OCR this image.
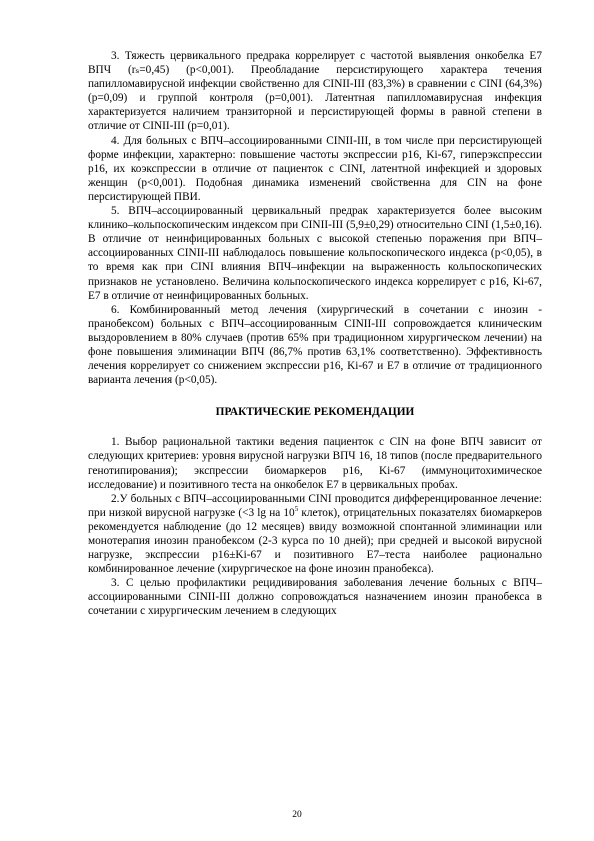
3. Тяжесть цервикального предрака коррелирует с частотой выявления онкобелка Е7 ВПЧ (rₛ=0,45) (p<0,001). Преобладание персистирующего характера течения папилломавирусной инфекции свойственно для CINII-III (83,3%) в сравнении с CINI (64,3%) (p=0,09) и группой контроля (p=0,001). Латентная папилломавирусная инфекция характеризуется наличием транзиторной и персистирующей формы в равной степени в отличие от CINII-III (p=0,01).

4. Для больных с ВПЧ–ассоциированными CINII-III, в том числе при персистирующей форме инфекции, характерно: повышение частоты экспрессии p16, Ki-67, гиперэкспрессии p16, их коэкспрессии в отличие от пациенток с CINI, латентной инфекцией и здоровых женщин (p<0,001). Подобная динамика изменений свойственна для CIN на фоне персистирующей ПВИ.

5. ВПЧ–ассоциированный цервикальный предрак характеризуется более высоким клинико–кольпоскопическим индексом при CINII-III (5,9±0,29) относительно CINI (1,5±0,16). В отличие от неинфицированных больных с высокой степенью поражения при ВПЧ–ассоциированных CINII-III наблюдалось повышение кольпоскопического индекса (p<0,05), в то время как при CINI влияния ВПЧ–инфекции на выраженность кольпоскопических признаков не установлено. Величина кольпоскопического индекса коррелирует с p16, Ki-67, E7 в отличие от неинфицированных больных.

6. Комбинированный метод лечения (хирургический в сочетании с инозин - пранобексом) больных с ВПЧ–ассоциированным CINII-III сопровождается клиническим выздоровлением в 80% случаев (против 65% при традиционном хирургическом лечении) на фоне повышения элиминации ВПЧ (86,7% против 63,1% соответственно). Эффективность лечения коррелирует со снижением экспрессии p16, Ki-67 и E7 в отличие от традиционного варианта лечения (p<0,05).

ПРАКТИЧЕСКИЕ РЕКОМЕНДАЦИИ

1. Выбор рациональной тактики ведения пациенток с CIN на фоне ВПЧ зависит от следующих критериев: уровня вирусной нагрузки ВПЧ 16, 18 типов (после предварительного генотипирования); экспрессии биомаркеров p16, Ki-67 (иммуноцитохимическое исследование) и позитивного теста на онкобелок E7 в цервикальных пробах.

2.У больных с ВПЧ–ассоциированными CINI проводится дифференцированное лечение: при низкой вирусной нагрузке (<3 lg на $10^5$ клеток), отрицательных показателях биомаркеров рекомендуется наблюдение (до 12 месяцев) ввиду возможной спонтанной элиминации или монотерапия инозин пранобексом (2-3 курса по 10 дней); при средней и высокой вирусной нагрузке, экспрессии p16±Ki-67 и позитивного E7–теста наиболее рационально комбинированное лечение (хирургическое на фоне инозин пранобекса).

3. С целью профилактики рецидивирования заболевания лечение больных с ВПЧ–ассоциированными CINII-III должно сопровождаться назначением инозин пранобекса в сочетании с хирургическим лечением в следующих

20
